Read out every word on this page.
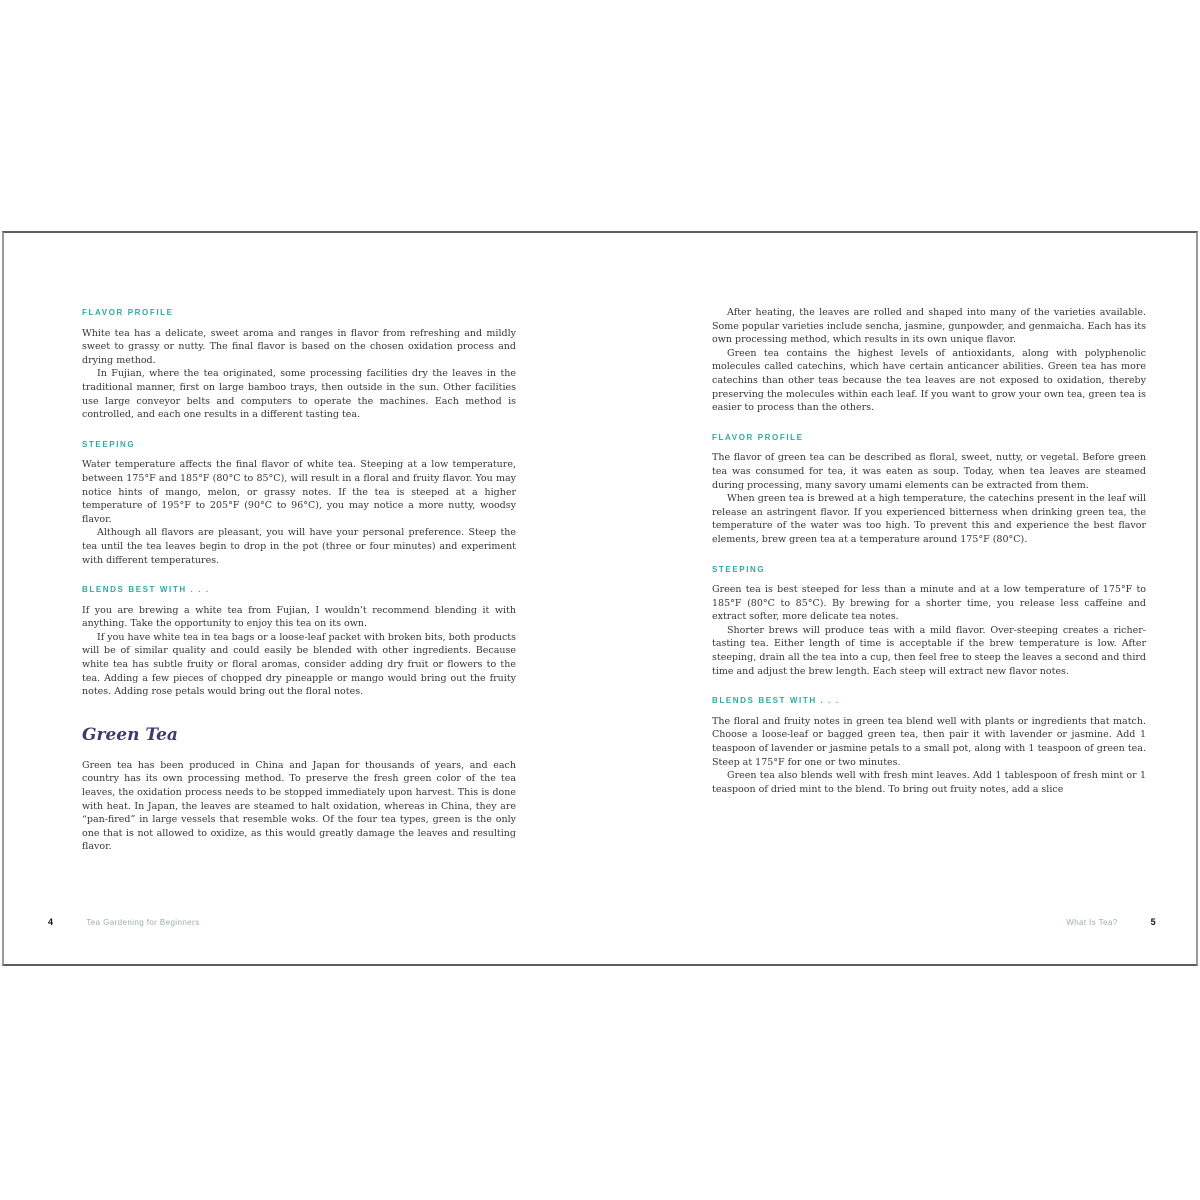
FLAVOR PROFILE

White tea has a delicate, sweet aroma and ranges in flavor from refreshing and mildly sweet to grassy or nutty. The final flavor is based on the chosen oxidation process and drying method.

In Fujian, where the tea originated, some processing facilities dry the leaves in the traditional manner, first on large bamboo trays, then outside in the sun. Other facilities use large conveyor belts and computers to operate the machines. Each method is controlled, and each one results in a different tasting tea.

STEEPING

Water temperature affects the final flavor of white tea. Steeping at a low temperature, between 175°F and 185°F (80°C to 85°C), will result in a floral and fruity flavor. You may notice hints of mango, melon, or grassy notes. If the tea is steeped at a higher temperature of 195°F to 205°F (90°C to 96°C), you may notice a more nutty, woodsy flavor.

Although all flavors are pleasant, you will have your personal preference. Steep the tea until the tea leaves begin to drop in the pot (three or four minutes) and experiment with different temperatures.

BLENDS BEST WITH . . .

If you are brewing a white tea from Fujian, I wouldn’t recommend blending it with anything. Take the opportunity to enjoy this tea on its own.

If you have white tea in tea bags or a loose-leaf packet with broken bits, both products will be of similar quality and could easily be blended with other ingredients. Because white tea has subtle fruity or floral aromas, consider adding dry fruit or flowers to the tea. Adding a few pieces of chopped dry pineapple or mango would bring out the fruity notes. Adding rose petals would bring out the floral notes.

Green Tea

Green tea has been produced in China and Japan for thousands of years, and each country has its own processing method. To preserve the fresh green color of the tea leaves, the oxidation process needs to be stopped immediately upon harvest. This is done with heat. In Japan, the leaves are steamed to halt oxidation, whereas in China, they are “pan-fired” in large vessels that resemble woks. Of the four tea types, green is the only one that is not allowed to oxidize, as this would greatly damage the leaves and resulting flavor.

After heating, the leaves are rolled and shaped into many of the varieties available. Some popular varieties include sencha, jasmine, gunpowder, and genmaicha. Each has its own processing method, which results in its own unique flavor.

Green tea contains the highest levels of antioxidants, along with polyphenolic molecules called catechins, which have certain anticancer abilities. Green tea has more catechins than other teas because the tea leaves are not exposed to oxidation, thereby preserving the molecules within each leaf. If you want to grow your own tea, green tea is easier to process than the others.

FLAVOR PROFILE

The flavor of green tea can be described as floral, sweet, nutty, or vegetal. Before green tea was consumed for tea, it was eaten as soup. Today, when tea leaves are steamed during processing, many savory umami elements can be extracted from them.

When green tea is brewed at a high temperature, the catechins present in the leaf will release an astringent flavor. If you experienced bitterness when drinking green tea, the temperature of the water was too high. To prevent this and experience the best flavor elements, brew green tea at a temperature around 175°F (80°C).

STEEPING

Green tea is best steeped for less than a minute and at a low temperature of 175°F to 185°F (80°C to 85°C). By brewing for a shorter time, you release less caffeine and extract softer, more delicate tea notes.

Shorter brews will produce teas with a mild flavor. Over-steeping creates a richer-tasting tea. Either length of time is acceptable if the brew temperature is low. After steeping, drain all the tea into a cup, then feel free to steep the leaves a second and third time and adjust the brew length. Each steep will extract new flavor notes.

BLENDS BEST WITH . . .

The floral and fruity notes in green tea blend well with plants or ingredients that match. Choose a loose-leaf or bagged green tea, then pair it with lavender or jasmine. Add 1 teaspoon of lavender or jasmine petals to a small pot, along with 1 teaspoon of green tea. Steep at 175°F for one or two minutes.

Green tea also blends well with fresh mint leaves. Add 1 tablespoon of fresh mint or 1 teaspoon of dried mint to the blend. To bring out fruity notes, add a slice

4	Tea Gardening for Beginners	What Is Tea?	5
